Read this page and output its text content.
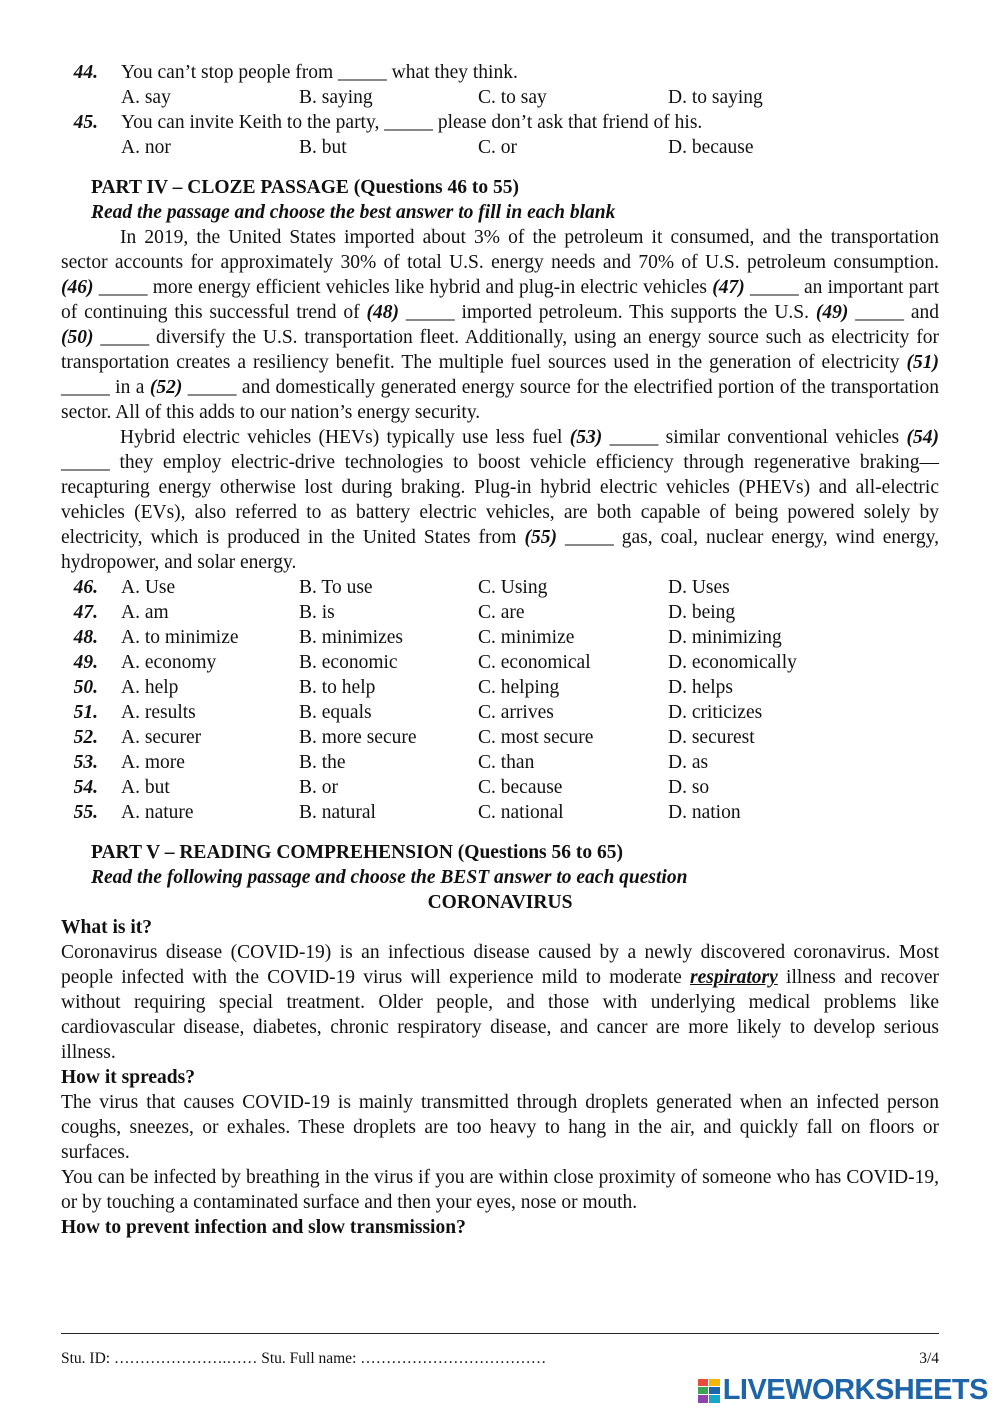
44. You can’t stop people from _____ what they think.
A. say	B. saying	C. to say	D. to saying
45. You can invite Keith to the party, _____ please don’t ask that friend of his.
A. nor	B. but	C. or	D. because
PART IV – CLOZE PASSAGE (Questions 46 to 55)
Read the passage and choose the best answer to fill in each blank

In 2019, the United States imported about 3% of the petroleum it consumed, and the transportation sector accounts for approximately 30% of total U.S. energy needs and 70% of U.S. petroleum consumption. (46) _____ more energy efficient vehicles like hybrid and plug-in electric vehicles (47) _____ an important part of continuing this successful trend of (48) _____ imported petroleum. This supports the U.S. (49) _____ and (50) _____ diversify the U.S. transportation fleet. Additionally, using an energy source such as electricity for transportation creates a resiliency benefit. The multiple fuel sources used in the generation of electricity (51) _____ in a (52) _____ and domestically generated energy source for the electrified portion of the transportation sector. All of this adds to our nation’s energy security.

Hybrid electric vehicles (HEVs) typically use less fuel (53) _____ similar conventional vehicles (54) _____ they employ electric-drive technologies to boost vehicle efficiency through regenerative braking—recapturing energy otherwise lost during braking. Plug-in hybrid electric vehicles (PHEVs) and all-electric vehicles (EVs), also referred to as battery electric vehicles, are both capable of being powered solely by electricity, which is produced in the United States from (55) _____ gas, coal, nuclear energy, wind energy, hydropower, and solar energy.

46. A. Use	B. To use	C. Using	D. Uses
47. A. am	B. is	C. are	D. being
48. A. to minimize	B. minimizes	C. minimize	D. minimizing
49. A. economy	B. economic	C. economical	D. economically
50. A. help	B. to help	C. helping	D. helps
51. A. results	B. equals	C. arrives	D. criticizes
52. A. securer	B. more secure	C. most secure	D. securest
53. A. more	B. the	C. than	D. as
54. A. but	B. or	C. because	D. so
55. A. nature	B. natural	C. national	D. nation
PART V – READING COMPREHENSION (Questions 56 to 65)
Read the following passage and choose the BEST answer to each question
CORONAVIRUS
What is it?

Coronavirus disease (COVID-19) is an infectious disease caused by a newly discovered coronavirus. Most people infected with the COVID-19 virus will experience mild to moderate respiratory illness and recover without requiring special treatment. Older people, and those with underlying medical problems like cardiovascular disease, diabetes, chronic respiratory disease, and cancer are more likely to develop serious illness.

How it spreads?

The virus that causes COVID-19 is mainly transmitted through droplets generated when an infected person coughs, sneezes, or exhales. These droplets are too heavy to hang in the air, and quickly fall on floors or surfaces.

You can be infected by breathing in the virus if you are within close proximity of someone who has COVID-19, or by touching a contaminated surface and then your eyes, nose or mouth.

How to prevent infection and slow transmission?
Stu. ID: ………………….…… Stu. Full name: ………………………………	3/4
LIVEWORKSHEETS
